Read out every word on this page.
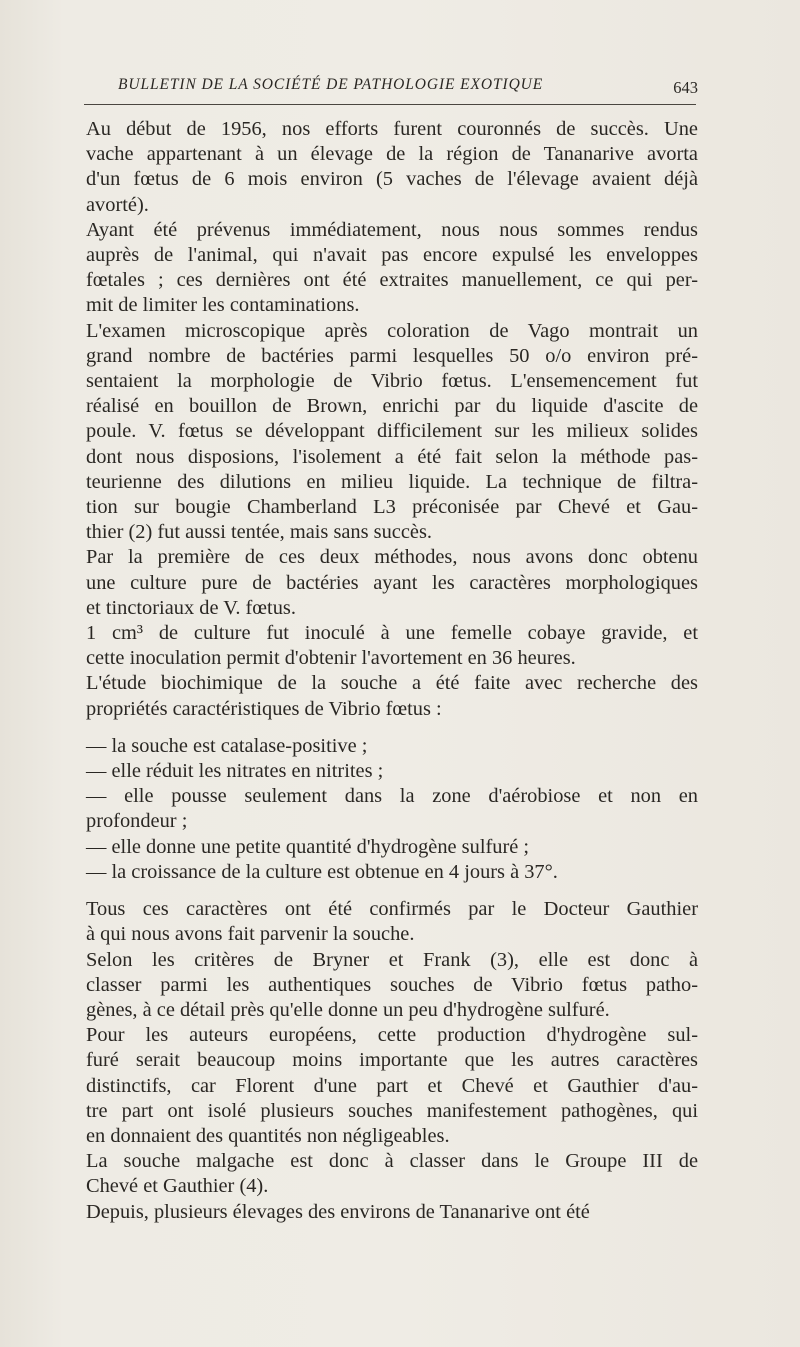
BULLETIN DE LA SOCIÉTÉ DE PATHOLOGIE EXOTIQUE	643
Au début de 1956, nos efforts furent couronnés de succès. Une
vache appartenant à un élevage de la région de Tananarive avorta
d'un fœtus de 6 mois environ (5 vaches de l'élevage avaient déjà
avorté).
Ayant été prévenus immédiatement, nous nous sommes rendus
auprès de l'animal, qui n'avait pas encore expulsé les enveloppes
fœtales ; ces dernières ont été extraites manuellement, ce qui per-
mit de limiter les contaminations.
L'examen microscopique après coloration de Vago montrait un
grand nombre de bactéries parmi lesquelles 50 o/o environ pré-
sentaient la morphologie de Vibrio fœtus. L'ensemencement fut
réalisé en bouillon de Brown, enrichi par du liquide d'ascite de
poule. V. fœtus se développant difficilement sur les milieux solides
dont nous disposions, l'isolement a été fait selon la méthode pas-
teurienne des dilutions en milieu liquide. La technique de filtra-
tion sur bougie Chamberland L3 préconisée par Chevé et Gau-
thier (2) fut aussi tentée, mais sans succès.
Par la première de ces deux méthodes, nous avons donc obtenu
une culture pure de bactéries ayant les caractères morphologiques
et tinctoriaux de V. fœtus.
1 cm³ de culture fut inoculé à une femelle cobaye gravide, et
cette inoculation permit d'obtenir l'avortement en 36 heures.
L'étude biochimique de la souche a été faite avec recherche des
propriétés caractéristiques de Vibrio fœtus :
— la souche est catalase-positive ;
— elle réduit les nitrates en nitrites ;
— elle pousse seulement dans la zone d'aérobiose et non en
profondeur ;
— elle donne une petite quantité d'hydrogène sulfuré ;
— la croissance de la culture est obtenue en 4 jours à 37°.
Tous ces caractères ont été confirmés par le Docteur Gauthier
à qui nous avons fait parvenir la souche.
Selon les critères de Bryner et Frank (3), elle est donc à
classer parmi les authentiques souches de Vibrio fœtus patho-
gènes, à ce détail près qu'elle donne un peu d'hydrogène sulfuré.
Pour les auteurs européens, cette production d'hydrogène sul-
furé serait beaucoup moins importante que les autres caractères
distinctifs, car Florent d'une part et Chevé et Gauthier d'au-
tre part ont isolé plusieurs souches manifestement pathogènes, qui
en donnaient des quantités non négligeables.
La souche malgache est donc à classer dans le Groupe III de
Chevé et Gauthier (4).
Depuis, plusieurs élevages des environs de Tananarive ont été
